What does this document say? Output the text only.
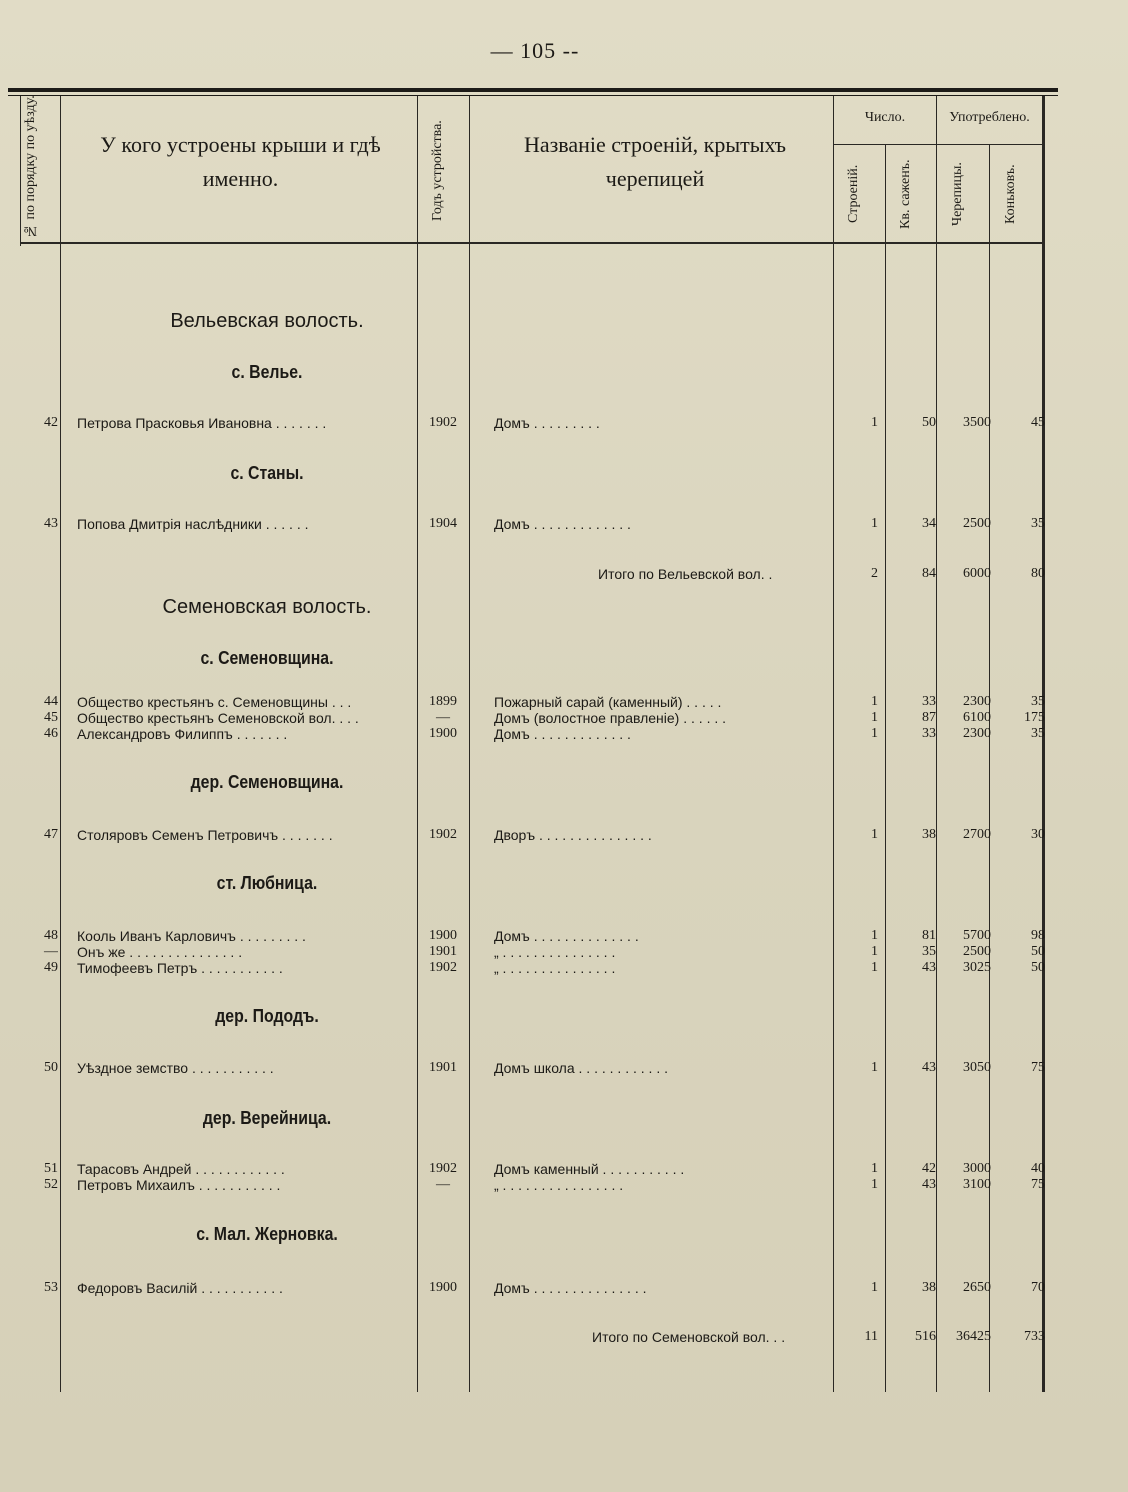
— 105 --
№ по порядку по уѣзду.	У кого устроены крыши и гдѣ именно.	Годъ устройства.	Названіе строеній, крытыхъ черепицей
Число.	Употреблено.
Строеній.	Кв. саженъ.	Черепицы.	Коньковъ.
Вельевская волость.
с. Велье.
42 Петрова Прасковья Ивановна . . . . . . .	1902	Домъ . . . . . . . . .	1	50	3500	45
с. Станы.
43 Попова Дмитрія наслѣдники . . . . . .	1904	Домъ . . . . . . . . . . . . .	1	34	2500	35
Итого по Вельевской вол. .	2	84	6000	80
Семеновская волость.
с. Семеновщина.
44 Общество крестьянъ с. Семеновщины . . .	1899	Пожарный сарай (каменный) . . . . .	1	33	2300	35
45 Общество крестьянъ Семеновской вол. . . .	—	Домъ (волостное правленіе) . . . . . .	1	87	6100	175
46 Александровъ Филиппъ . . . . . . .	1900	Домъ . . . . . . . . . . . . .	1	33	2300	35
дер. Семеновщина.
47 Столяровъ Семенъ Петровичъ . . . . . . .	1902	Дворъ . . . . . . . . . . . . . . .	1	38	2700	30
ст. Любница.
48 Кооль Иванъ Карловичъ . . . . . . . . .	1900	Домъ . . . . . . . . . . . . . .	1	81	5700	98
— Онъ же . . . . . . . . . . . . . . .	1901	„ . . . . . . . . . . . . . . .	1	35	2500	50
49 Тимофеевъ Петръ . . . . . . . . . . .	1902	„ . . . . . . . . . . . . . . .	1	43	3025	50
дер. Пододъ.
50 Уѣздное земство . . . . . . . . . . .	1901	Домъ школа . . . . . . . . . . . .	1	43	3050	75
дер. Верейница.
51 Тарасовъ Андрей . . . . . . . . . . . .	1902	Домъ каменный . . . . . . . . . . .	1	42	3000	40
52 Петровъ Михаилъ . . . . . . . . . . .	—	„ . . . . . . . . . . . . . . . .	1	43	3100	75
с. Мал. Жерновка.
53 Федоровъ Василій . . . . . . . . . . .	1900	Домъ . . . . . . . . . . . . . . .	1	38	2650	70
Итого по Семеновской вол. . .	11	516	36425	733
